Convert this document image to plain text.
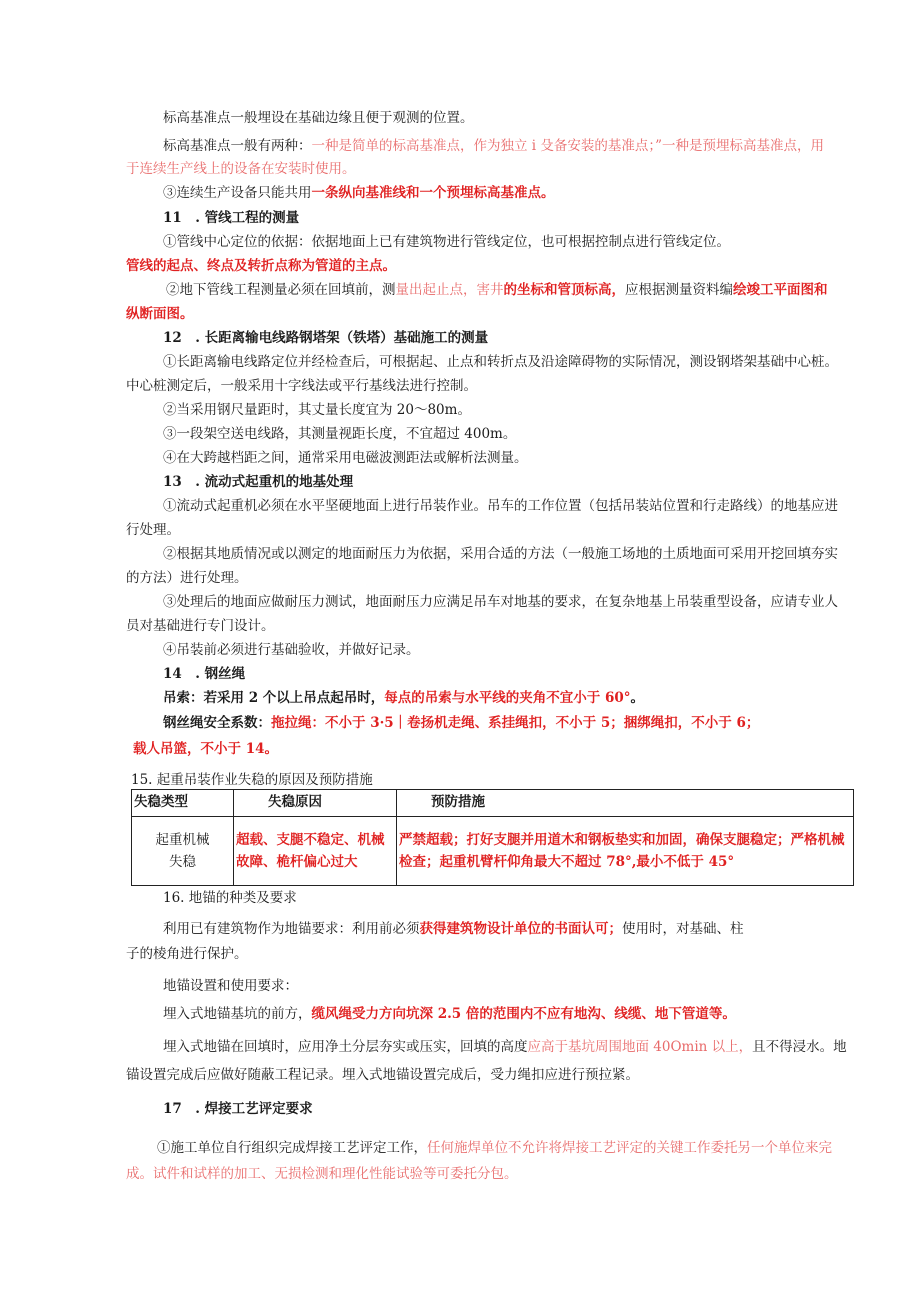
标高基准点一般埋设在基础边缘且便于观测的位置。
标高基准点一般有两种：一种是简单的标高基准点，作为独立 i 殳备安装的基准点；”一种是预埋标高基准点，用
于连续生产线上的设备在安装时使用。
③连续生产设备只能共用一条纵向基准线和一个预埋标高基准点。
11　. 管线工程的测量
①管线中心定位的依据：依据地面上已有建筑物进行管线定位，也可根据控制点进行管线定位。
管线的起点、终点及转折点称为管道的主点。
②地下管线工程测量必须在回填前，测量出起止点，害井的坐标和管顶标高，应根据测量资料编绘竣工平面图和
纵断面图。
12　. 长距离输电线路钢塔架（铁塔）基础施工的测量
①长距离输电线路定位并经检查后，可根据起、止点和转折点及沿途障碍物的实际情况，测设钢塔架基础中心桩。
中心桩测定后，一般采用十字线法或平行基线法进行控制。
②当采用钢尺量距时，其丈量长度宜为 20～80m。
③一段架空送电线路，其测量视距长度，不宜超过 400m。
④在大跨越档距之间，通常采用电磁波测距法或解析法测量。
13　. 流动式起重机的地基处理
①流动式起重机必须在水平坚硬地面上进行吊装作业。吊车的工作位置（包括吊装站位置和行走路线）的地基应进
行处理。
②根据其地质情况或以测定的地面耐压力为依据，采用合适的方法（一般施工场地的土质地面可采用开挖回填夯实
的方法）进行处理。
③处理后的地面应做耐压力测试，地面耐压力应满足吊车对地基的要求，在复杂地基上吊装重型设备，应请专业人
员对基础进行专门设计。
④吊装前必须进行基础验收，并做好记录。
14　. 钢丝绳
吊索：若采用 2 个以上吊点起吊时，每点的吊索与水平线的夹角不宜小于 60°。
钢丝绳安全系数：拖拉绳：不小于 3·5｜卷扬机走绳、系挂绳扣，不小于 5；捆绑绳扣，不小于 6；
载人吊篮，不小于 14。
15. 起重吊装作业失稳的原因及预防措施
失稳类型	失稳原因	预防措施

起重机械
失稳	超载、支腿不稳定、机械故障、桅杆偏心过大	严禁超载；打好支腿并用道木和钢板垫实和加固，确保支腿稳定；严格机械检查；起重机臂杆仰角最大不超过 78°,最小不低于 45°
16. 地锚的种类及要求
利用已有建筑物作为地锚要求：利用前必须获得建筑物设计单位的书面认可；使用时，对基础、柱
子的棱角进行保护。
地锚设置和使用要求：
埋入式地锚基坑的前方，缆风绳受力方向坑深 2.5 倍的范围内不应有地沟、线缆、地下管道等。
埋入式地锚在回填时，应用净土分层夯实或压实，回填的高度应高于基坑周围地面 40Omin 以上，且不得浸水。地
锚设置完成后应做好随蔽工程记录。埋入式地锚设置完成后，受力绳扣应进行预拉紧。
17　. 焊接工艺评定要求
①施工单位自行组织完成焊接工艺评定工作，任何施焊单位不允许将焊接工艺评定的关键工作委托另一个单位来完
成。试件和试样的加工、无损检测和理化性能试验等可委托分包。
